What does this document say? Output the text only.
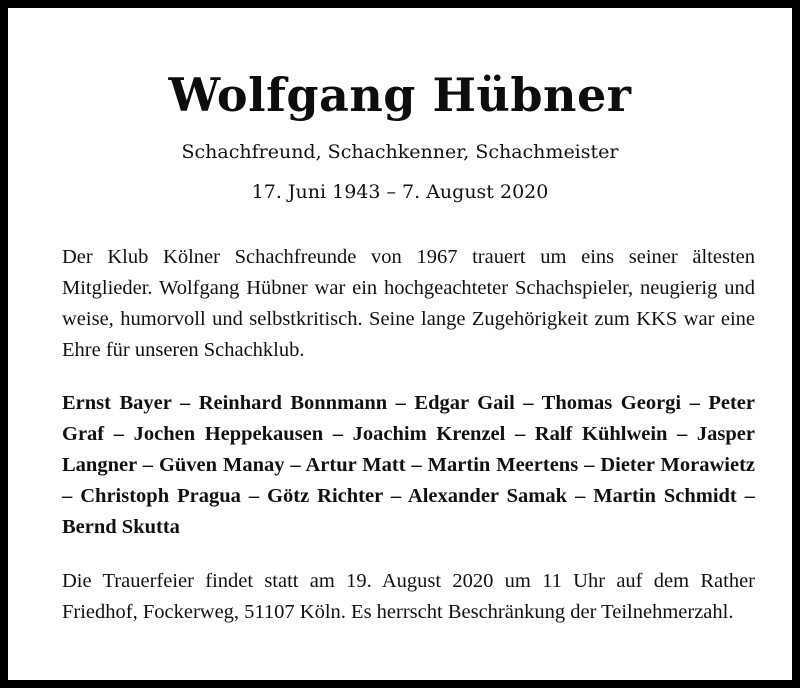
Wolfgang Hübner
Schachfreund, Schachkenner, Schachmeister
17. Juni 1943 – 7. August 2020

Der Klub Kölner Schachfreunde von 1967 trauert um eins seiner ältesten Mitglieder. Wolfgang Hübner war ein hochgeachteter Schachspieler, neugierig und weise, humorvoll und selbstkritisch. Seine lange Zugehörigkeit zum KKS war eine Ehre für unseren Schachklub.

Ernst Bayer – Reinhard Bonnmann – Edgar Gail – Thomas Georgi – Peter Graf – Jochen Heppekausen – Joachim Krenzel – Ralf Kühlwein – Jasper Langner – Güven Manay – Artur Matt – Martin Meertens – Dieter Morawietz – Christoph Pragua – Götz Richter – Alexander Samak – Martin Schmidt – Bernd Skutta

Die Trauerfeier findet statt am 19. August 2020 um 11 Uhr auf dem Rather Friedhof, Fockerweg, 51107 Köln. Es herrscht Beschränkung der Teilnehmerzahl.
